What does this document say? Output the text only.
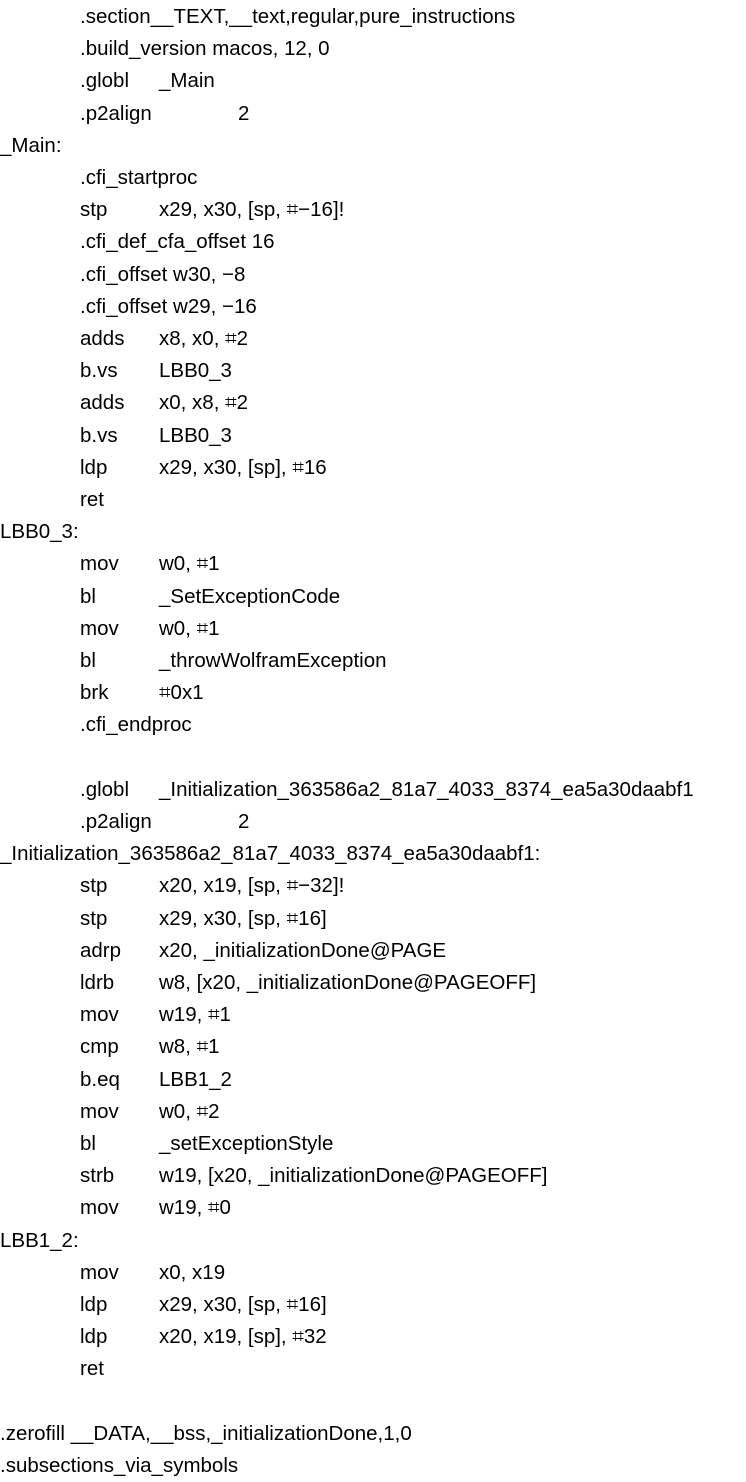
.section__TEXT,__text,regular,pure_instructions
.build_version macos, 12, 0
.globl _Main
.p2align	2
_Main:
.cfi_startproc
stp	x29, x30, [sp, ⌗−16]!
.cfi_def_cfa_offset 16
.cfi_offset w30, −8
.cfi_offset w29, −16
adds x8, x0, ⌗2
b.vs LBB0_3
adds x0, x8, ⌗2
b.vs LBB0_3
ldp	x29, x30, [sp], ⌗16
ret
LBB0_3:
mov w0, ⌗1
bl	_SetExceptionCode
mov w0, ⌗1
bl	_throwWolframException
brk ⌗0x1
.cfi_endproc
.globl _Initialization_363586a2_81a7_4033_8374_ea5a30daabf1
.p2align	2
_Initialization_363586a2_81a7_4033_8374_ea5a30daabf1:
stp	x20, x19, [sp, ⌗−32]!
stp	x29, x30, [sp, ⌗16]
adrp x20, _initializationDone@PAGE
ldrb w8, [x20, _initializationDone@PAGEOFF]
mov w19, ⌗1
cmp w8, ⌗1
b.eq LBB1_2
mov w0, ⌗2
bl	_setExceptionStyle
strb w19, [x20, _initializationDone@PAGEOFF]
mov w19, ⌗0
LBB1_2:
mov x0, x19
ldp	x29, x30, [sp, ⌗16]
ldp	x20, x19, [sp], ⌗32
ret
.zerofill __DATA,__bss,_initializationDone,1,0
.subsections_via_symbols
